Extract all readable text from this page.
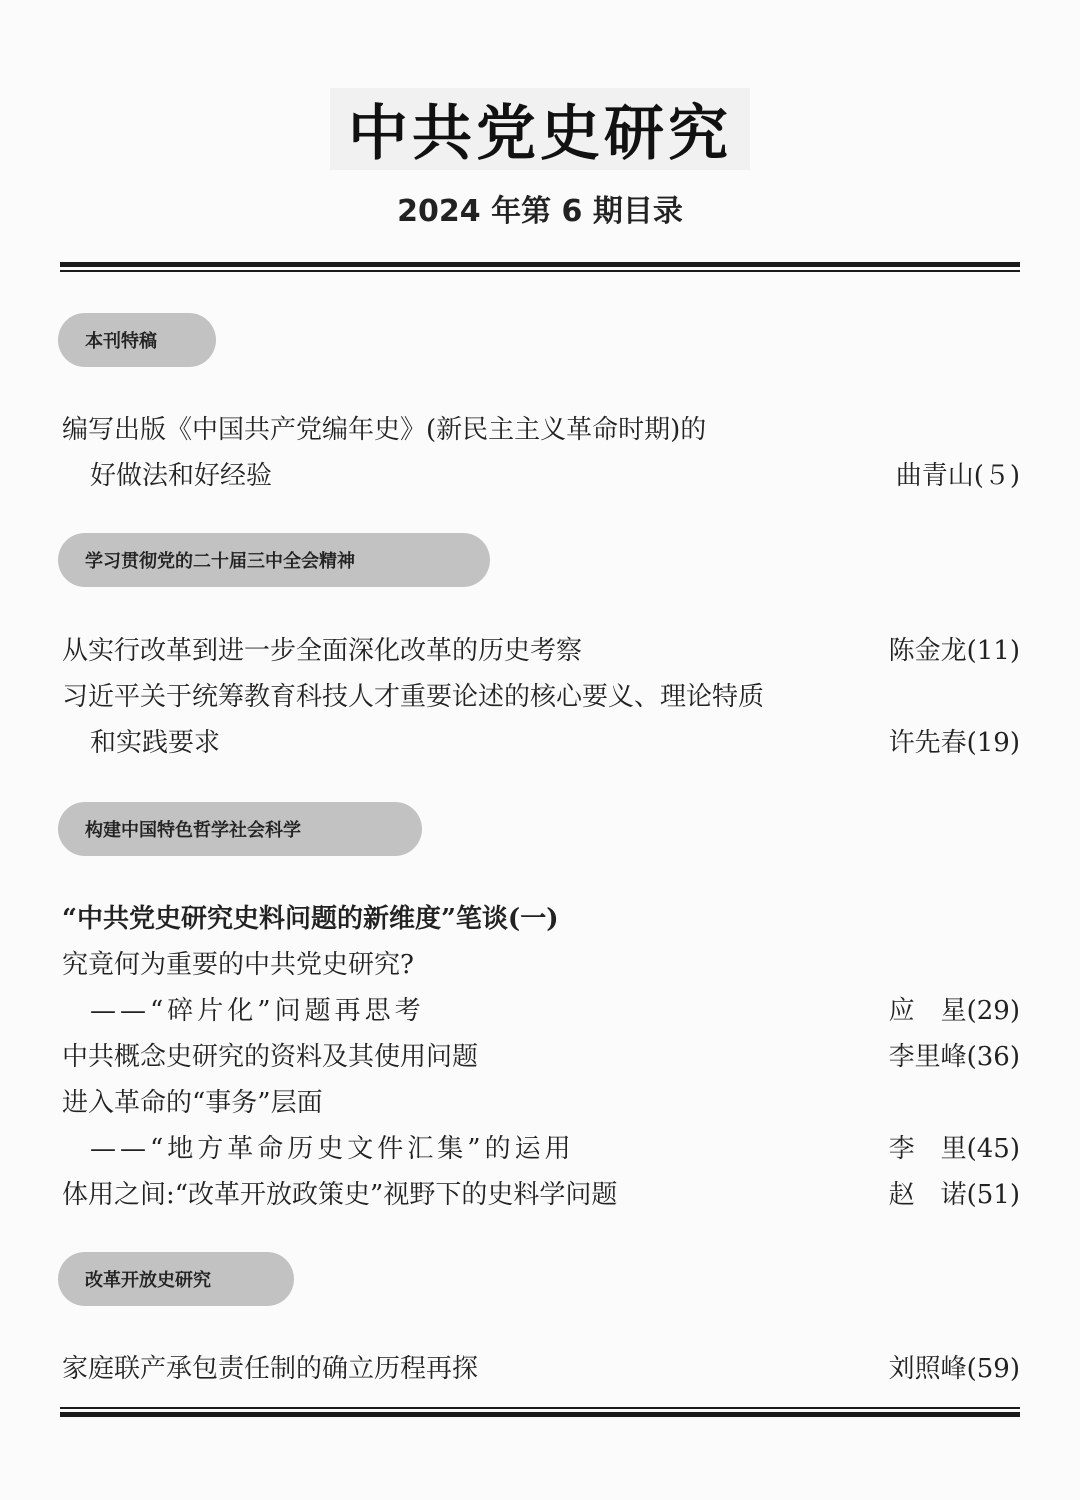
中共党史研究
2024 年第 6 期目录
本刊特稿
编写出版《中国共产党编年史》(新民主主义革命时期)的
好做法和好经验	曲青山(５)
学习贯彻党的二十届三中全会精神
从实行改革到进一步全面深化改革的历史考察	陈金龙(11)
习近平关于统筹教育科技人才重要论述的核心要义、理论特质
和实践要求	许先春(19)
构建中国特色哲学社会科学
“中共党史研究史料问题的新维度”笔谈(一)
究竟何为重要的中共党史研究?
——“碎片化”问题再思考	应　星(29)
中共概念史研究的资料及其使用问题	李里峰(36)
进入革命的“事务”层面
——“地方革命历史文件汇集”的运用	李　里(45)
体用之间:“改革开放政策史”视野下的史料学问题	赵　诺(51)
改革开放史研究
家庭联产承包责任制的确立历程再探	刘照峰(59)
